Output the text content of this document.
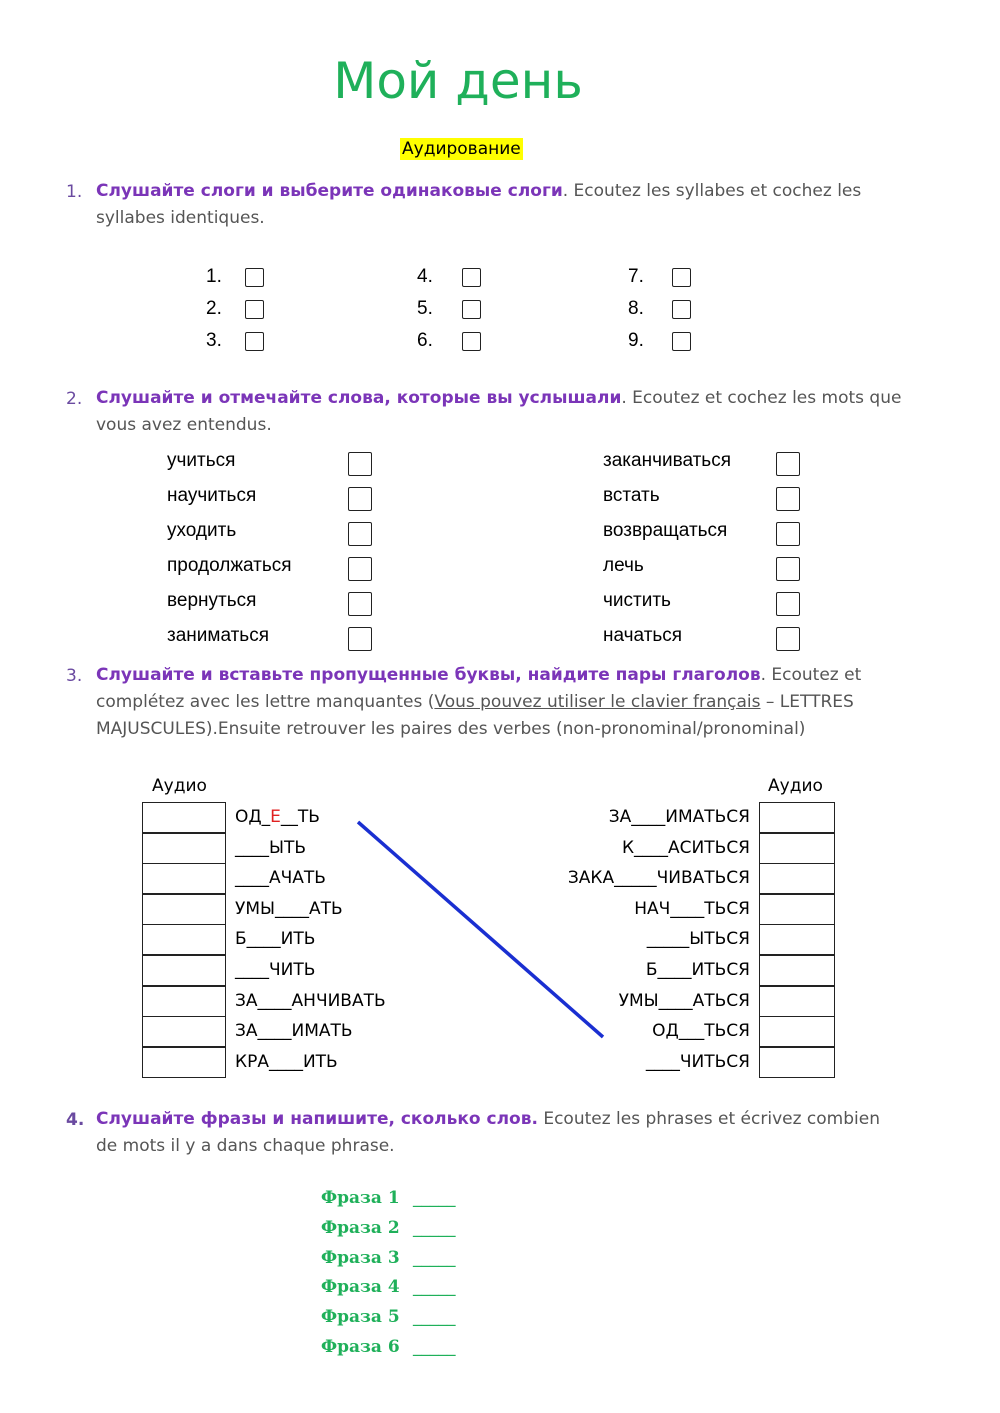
Мой день
Аудирование
1. Слушайте слоги и выберите одинаковые слоги. Ecoutez les syllabes et cochez les
syllabes identiques.
1.
2.
3.
4.
5.
6.
7.
8.
9.
2. Слушайте и отмечайте слова, которые вы услышали. Ecoutez et cochez les mots que
vous avez entendus.
учиться	заканчиваться
научиться	встать
уходить	возвращаться
продолжаться	лечь
вернуться	чистить
заниматься	начаться
3. Слушайте и вставьте пропущенные буквы, найдите пары глаголов. Ecoutez et
complétez avec les lettre manquantes (Vous pouvez utiliser le clavier français – LETTRES
MAJUSCULES).Ensuite retrouver les paires des verbes (non-pronominal/pronominal)
Аудио	Аудио
ОД_Е__ТЬ	ЗА____ИМАТЬСЯ
____ЫТЬ	К____АСИТЬСЯ
____АЧАТЬ	ЗАКА_____ЧИВАТЬСЯ
УМЫ____АТЬ	НАЧ____ТЬСЯ
Б____ИТЬ	_____ЫТЬСЯ
____ЧИТЬ	Б____ИТЬСЯ
ЗА____АНЧИВАТЬ	УМЫ____АТЬСЯ
ЗА____ИМАТЬ	ОД___ТЬСЯ
КРА____ИТЬ	____ЧИТЬСЯ
4. Слушайте фразы и напишите, сколько слов. Ecoutez les phrases et écrivez combien
de mots il y a dans chaque phrase.
Фраза 1 _____
Фраза 2 _____
Фраза 3 _____
Фраза 4 _____
Фраза 5 _____
Фраза 6 _____
